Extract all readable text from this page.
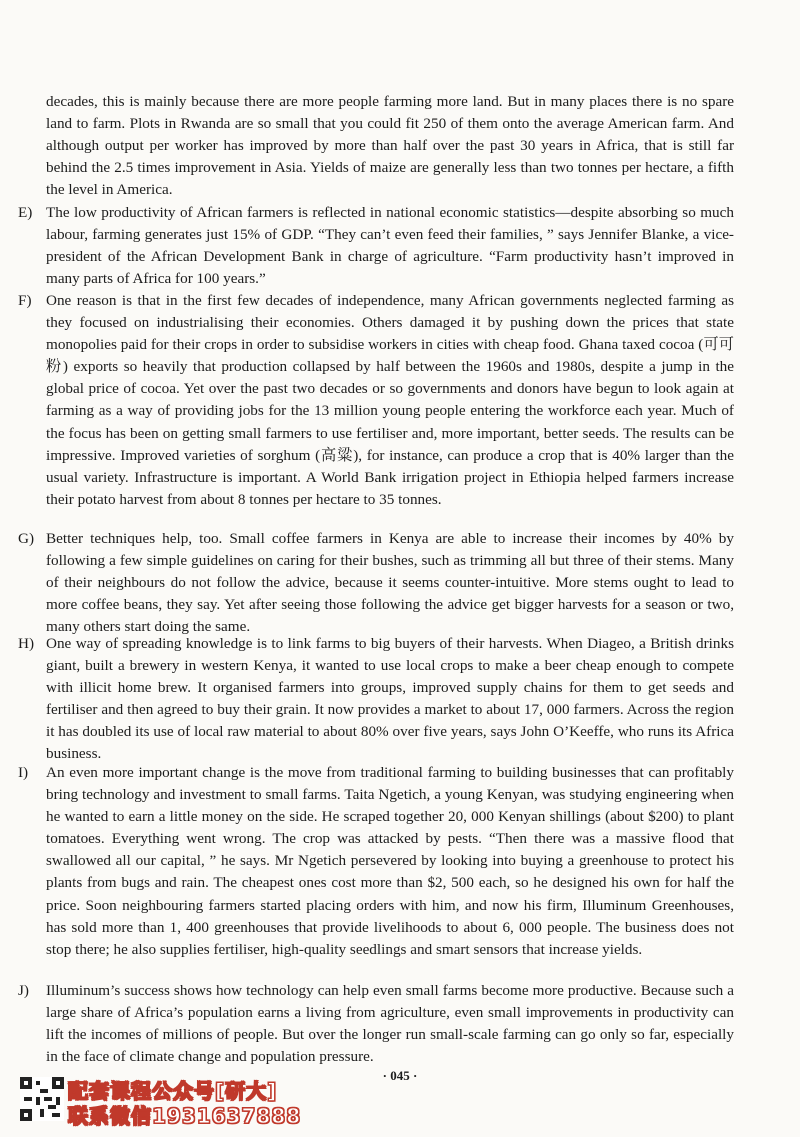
decades, this is mainly because there are more people farming more land. But in many places there is no spare land to farm. Plots in Rwanda are so small that you could fit 250 of them onto the average American farm. And although output per worker has improved by more than half over the past 30 years in Africa, that is still far behind the 2.5 times improvement in Asia. Yields of maize are generally less than two tonnes per hectare, a fifth the level in America.

E) The low productivity of African farmers is reflected in national economic statistics—despite absorbing so much labour, farming generates just 15% of GDP. “They can’t even feed their families, ” says Jennifer Blanke, a vice-president of the African Development Bank in charge of agriculture. “Farm productivity hasn’t improved in many parts of Africa for 100 years.”
F) One reason is that in the first few decades of independence, many African governments neglected farming as they focused on industrialising their economies. Others damaged it by pushing down the prices that state monopolies paid for their crops in order to subsidise workers in cities with cheap food. Ghana taxed cocoa (可可粉) exports so heavily that production collapsed by half between the 1960s and 1980s, despite a jump in the global price of cocoa. Yet over the past two decades or so governments and donors have begun to look again at farming as a way of providing jobs for the 13 million young people entering the workforce each year. Much of the focus has been on getting small farmers to use fertiliser and, more important, better seeds. The results can be impressive. Improved varieties of sorghum (高粱), for instance, can produce a crop that is 40% larger than the usual variety. Infrastructure is important. A World Bank irrigation project in Ethiopia helped farmers increase their potato harvest from about 8 tonnes per hectare to 35 tonnes.
G) Better techniques help, too. Small coffee farmers in Kenya are able to increase their incomes by 40% by following a few simple guidelines on caring for their bushes, such as trimming all but three of their stems. Many of their neighbours do not follow the advice, because it seems counter-intuitive. More stems ought to lead to more coffee beans, they say. Yet after seeing those following the advice get bigger harvests for a season or two, many others start doing the same.
H) One way of spreading knowledge is to link farms to big buyers of their harvests. When Diageo, a British drinks giant, built a brewery in western Kenya, it wanted to use local crops to make a beer cheap enough to compete with illicit home brew. It organised farmers into groups, improved supply chains for them to get seeds and fertiliser and then agreed to buy their grain. It now provides a market to about 17, 000 farmers. Across the region it has doubled its use of local raw material to about 80% over five years, says John O’Keeffe, who runs its Africa business.
I)	An even more important change is the move from traditional farming to building businesses that can profitably bring technology and investment to small farms. Taita Ngetich, a young Kenyan, was studying engineering when he wanted to earn a little money on the side. He scraped together 20, 000 Kenyan shillings (about $200) to plant tomatoes. Everything went wrong. The crop was attacked by pests. “Then there was a massive flood that swallowed all our capital, ” he says. Mr Ngetich persevered by looking into buying a greenhouse to protect his plants from bugs and rain. The cheapest ones cost more than $2, 500 each, so he designed his own for half the price. Soon neighbouring farmers started placing orders with him, and now his firm, Illuminum Greenhouses, has sold more than 1, 400 greenhouses that provide livelihoods to about 6, 000 people. The business does not stop there; he also supplies fertiliser, high-quality seedlings and smart sensors that increase yields.
J)	Illuminum’s success shows how technology can help even small farms become more productive. Because such a large share of Africa’s population earns a living from agriculture, even small improvements in productivity can lift the incomes of millions of people. But over the longer run small-scale farming can go only so far, especially in the face of climate change and population pressure.
· 045 ·
配套课程公众号[研大]
联系微信1931637888
